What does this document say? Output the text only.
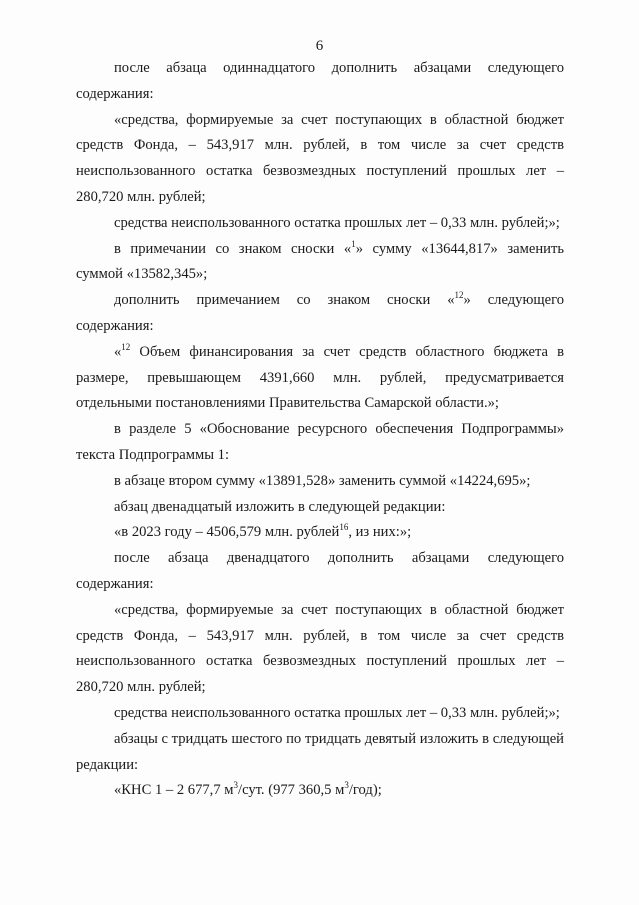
6

после абзаца одиннадцатого дополнить абзацами следующего содержания:

«средства, формируемые за счет поступающих в областной бюджет средств Фонда, – 543,917 млн. рублей, в том числе за счет средств неиспользованного остатка безвозмездных поступлений прошлых лет – 280,720 млн. рублей;

средства неиспользованного остатка прошлых лет – 0,33 млн. рублей;»;

в примечании со знаком сноски «$^1$» сумму «13644,817» заменить суммой «13582,345»;

дополнить примечанием со знаком сноски «$^{12}$» следующего содержания:

«$^{12}$ Объем финансирования за счет средств областного бюджета в размере, превышающем 4391,660 млн. рублей, предусматривается отдельными постановлениями Правительства Самарской области.»;

в разделе 5 «Обоснование ресурсного обеспечения Подпрограммы» текста Подпрограммы 1:

в абзаце втором сумму «13891,528» заменить суммой «14224,695»;

абзац двенадцатый изложить в следующей редакции:

«в 2023 году – 4506,579 млн. рублей$^{16}$, из них:»;

после абзаца двенадцатого дополнить абзацами следующего содержания:

«средства, формируемые за счет поступающих в областной бюджет средств Фонда, – 543,917 млн. рублей, в том числе за счет средств неиспользованного остатка безвозмездных поступлений прошлых лет – 280,720 млн. рублей;

средства неиспользованного остатка прошлых лет – 0,33 млн. рублей;»;

абзацы с тридцать шестого по тридцать девятый изложить в следующей редакции:

«КНС 1 – 2 677,7 $м^3$/сут. (977 360,5 $м^3/год$);
